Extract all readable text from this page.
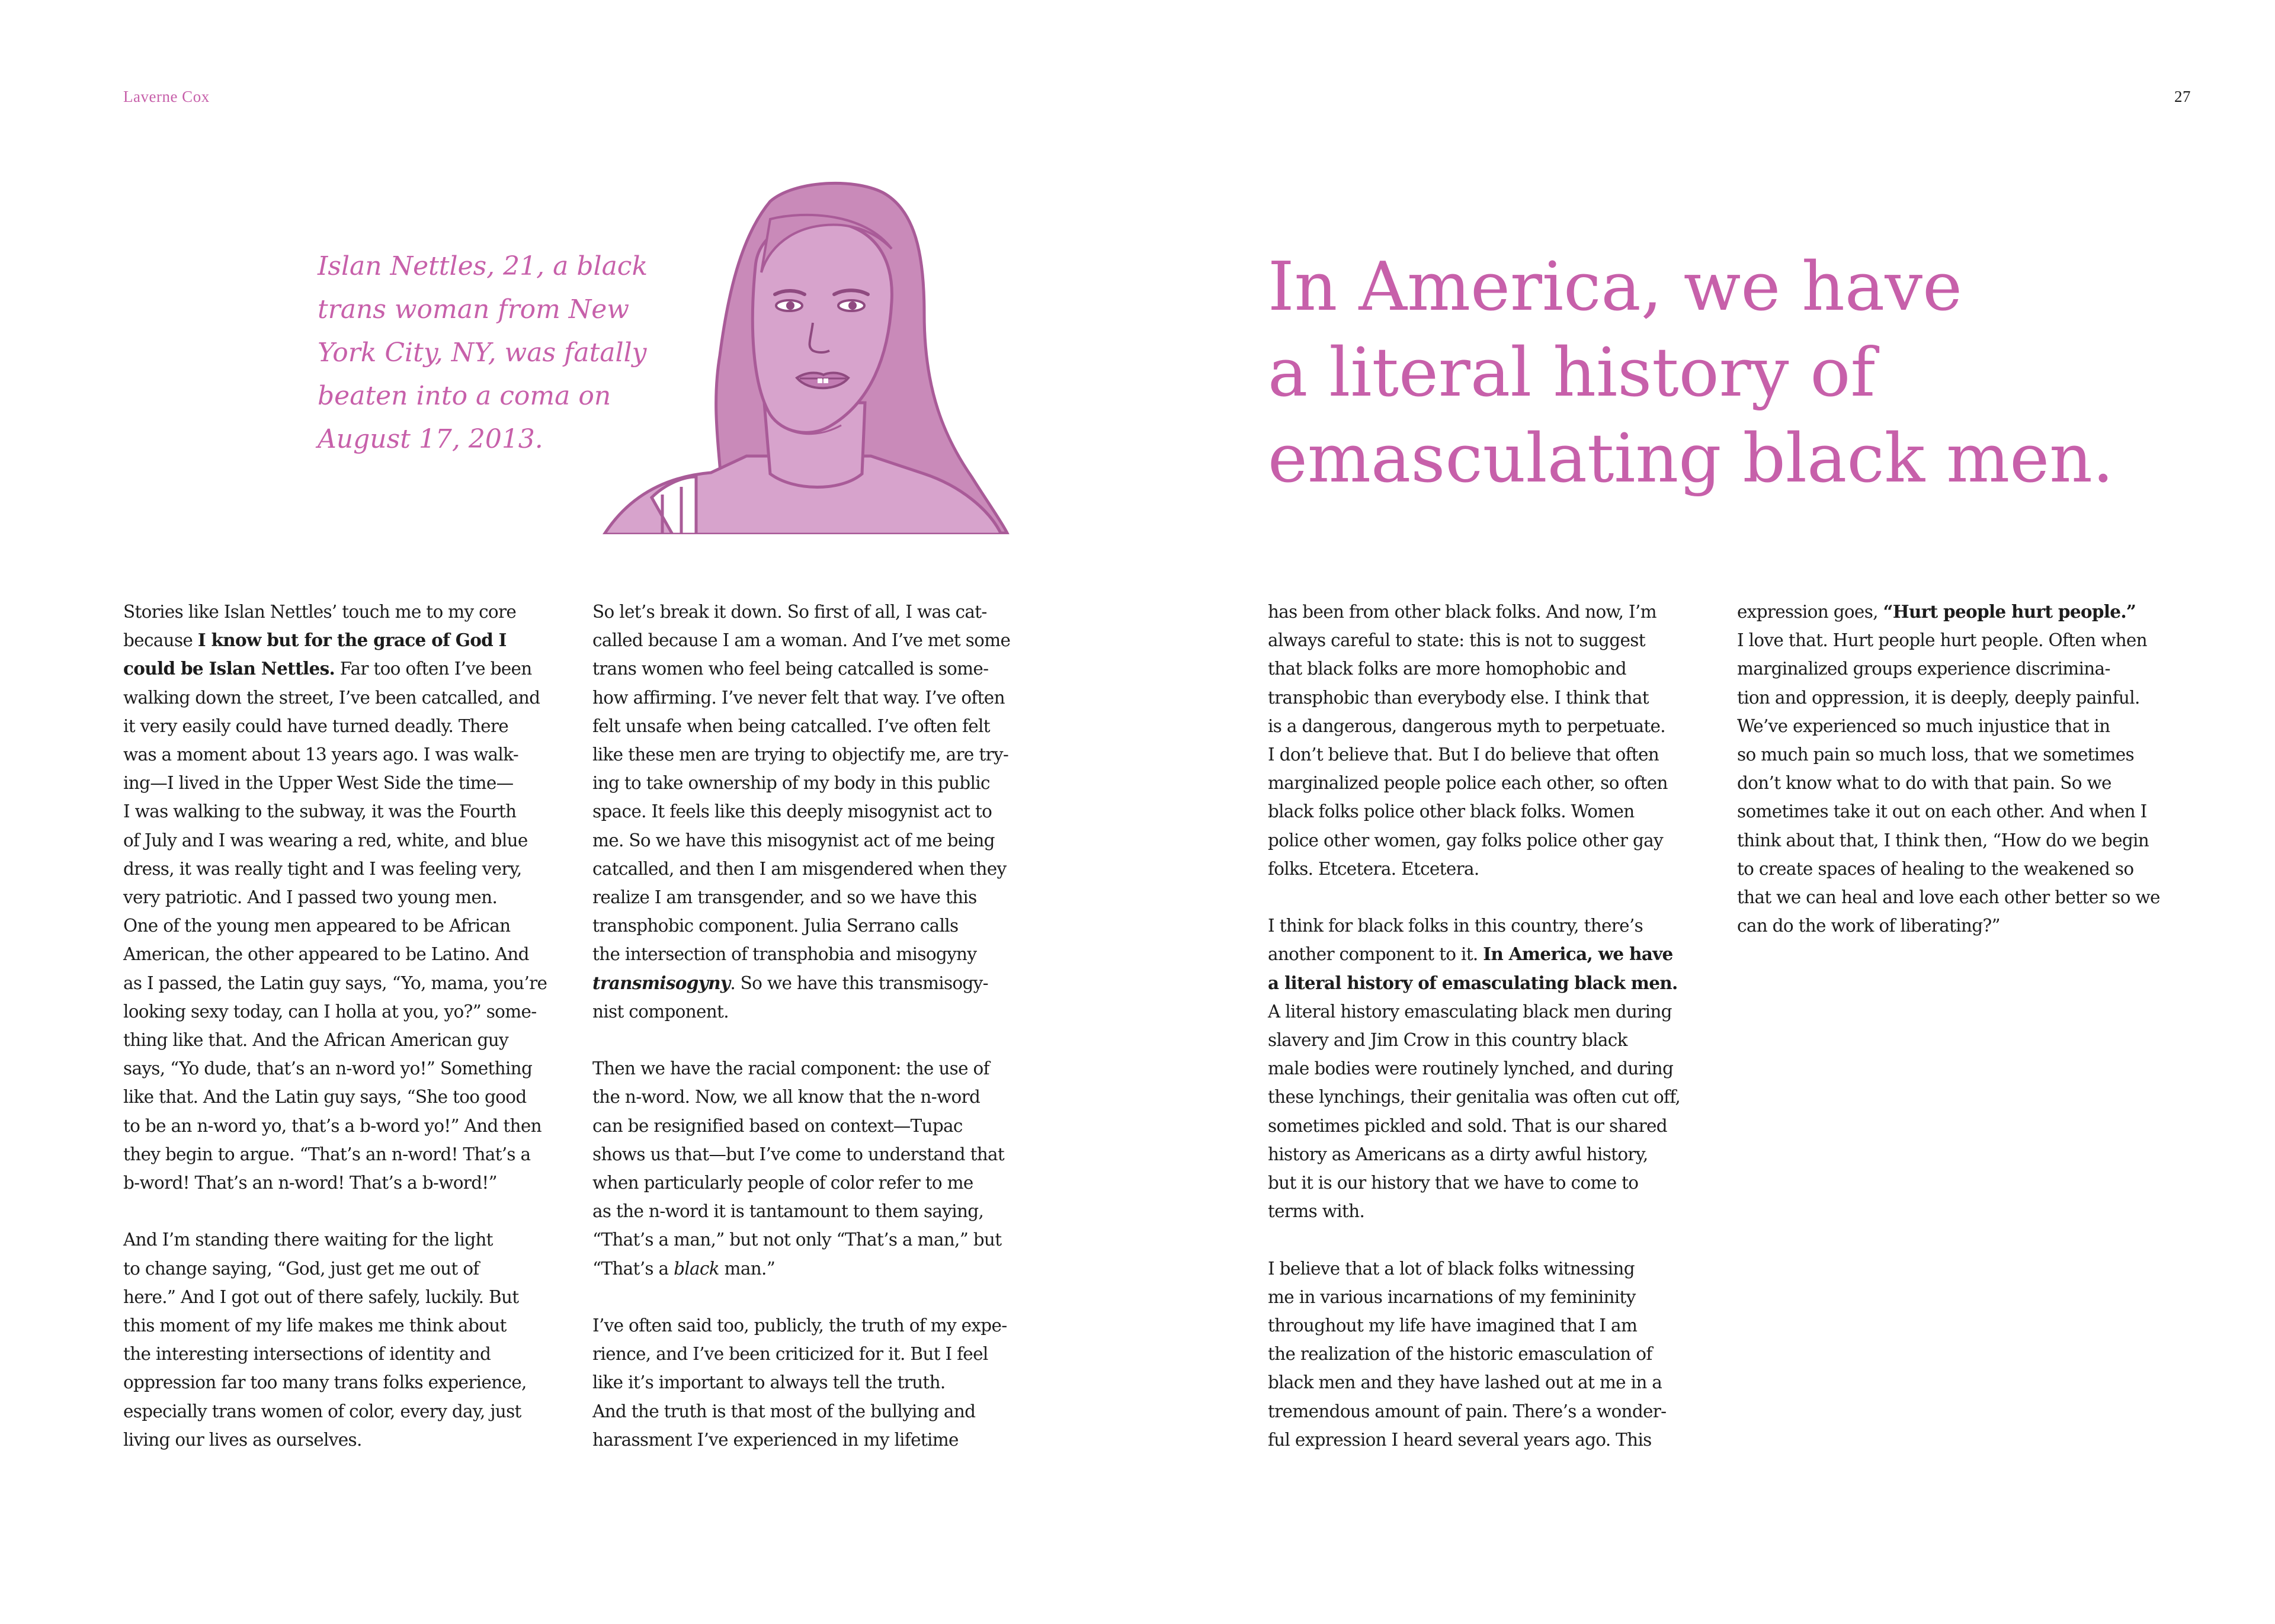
Laverne Cox	27
Islan Nettles, 21, a black
trans woman from New
York City, NY, was fatally
beaten into a coma on
August 17, 2013.
In America, we have
a literal history of
emasculating black men.
Stories like Islan Nettles’ touch me to my core
because I know but for the grace of God I
could be Islan Nettles. Far too often I’ve been
walking down the street, I’ve been catcalled, and
it very easily could have turned deadly. There
was a moment about 13 years ago. I was walk-
ing—I lived in the Upper West Side the time—
I was walking to the subway, it was the Fourth
of July and I was wearing a red, white, and blue
dress, it was really tight and I was feeling very,
very patriotic. And I passed two young men.
One of the young men appeared to be African
American, the other appeared to be Latino. And
as I passed, the Latin guy says, “Yo, mama, you’re
looking sexy today, can I holla at you, yo?” some-
thing like that. And the African American guy
says, “Yo dude, that’s an n-word yo!” Something
like that. And the Latin guy says, “She too good
to be an n-word yo, that’s a b-word yo!” And then
they begin to argue. “That’s an n-word! That’s a
b-word! That’s an n-word! That’s a b-word!”
And I’m standing there waiting for the light
to change saying, “God, just get me out of
here.” And I got out of there safely, luckily. But
this moment of my life makes me think about
the interesting intersections of identity and
oppression far too many trans folks experience,
especially trans women of color, every day, just
living our lives as ourselves.
So let’s break it down. So first of all, I was cat-
called because I am a woman. And I’ve met some
trans women who feel being catcalled is some-
how affirming. I’ve never felt that way. I’ve often
felt unsafe when being catcalled. I’ve often felt
like these men are trying to objectify me, are try-
ing to take ownership of my body in this public
space. It feels like this deeply misogynist act to
me. So we have this misogynist act of me being
catcalled, and then I am misgendered when they
realize I am transgender, and so we have this
transphobic component. Julia Serrano calls
the intersection of transphobia and misogyny
transmisogyny. So we have this transmisogy-
nist component.
Then we have the racial component: the use of
the n-word. Now, we all know that the n-word
can be resignified based on context—Tupac
shows us that—but I’ve come to understand that
when particularly people of color refer to me
as the n-word it is tantamount to them saying,
“That’s a man,” but not only “That’s a man,” but
“That’s a black man.”
I’ve often said too, publicly, the truth of my expe-
rience, and I’ve been criticized for it. But I feel
like it’s important to always tell the truth.
And the truth is that most of the bullying and
harassment I’ve experienced in my lifetime
has been from other black folks. And now, I’m
always careful to state: this is not to suggest
that black folks are more homophobic and
transphobic than everybody else. I think that
is a dangerous, dangerous myth to perpetuate.
I don’t believe that. But I do believe that often
marginalized people police each other, so often
black folks police other black folks. Women
police other women, gay folks police other gay
folks. Etcetera. Etcetera.
I think for black folks in this country, there’s
another component to it. In America, we have
a literal history of emasculating black men.
A literal history emasculating black men during
slavery and Jim Crow in this country black
male bodies were routinely lynched, and during
these lynchings, their genitalia was often cut off,
sometimes pickled and sold. That is our shared
history as Americans as a dirty awful history,
but it is our history that we have to come to
terms with.
I believe that a lot of black folks witnessing
me in various incarnations of my femininity
throughout my life have imagined that I am
the realization of the historic emasculation of
black men and they have lashed out at me in a
tremendous amount of pain. There’s a wonder-
ful expression I heard several years ago. This
expression goes, “Hurt people hurt people.”
I love that. Hurt people hurt people. Often when
marginalized groups experience discrimina-
tion and oppression, it is deeply, deeply painful.
We’ve experienced so much injustice that in
so much pain so much loss, that we sometimes
don’t know what to do with that pain. So we
sometimes take it out on each other. And when I
think about that, I think then, “How do we begin
to create spaces of healing to the weakened so
that we can heal and love each other better so we
can do the work of liberating?”
